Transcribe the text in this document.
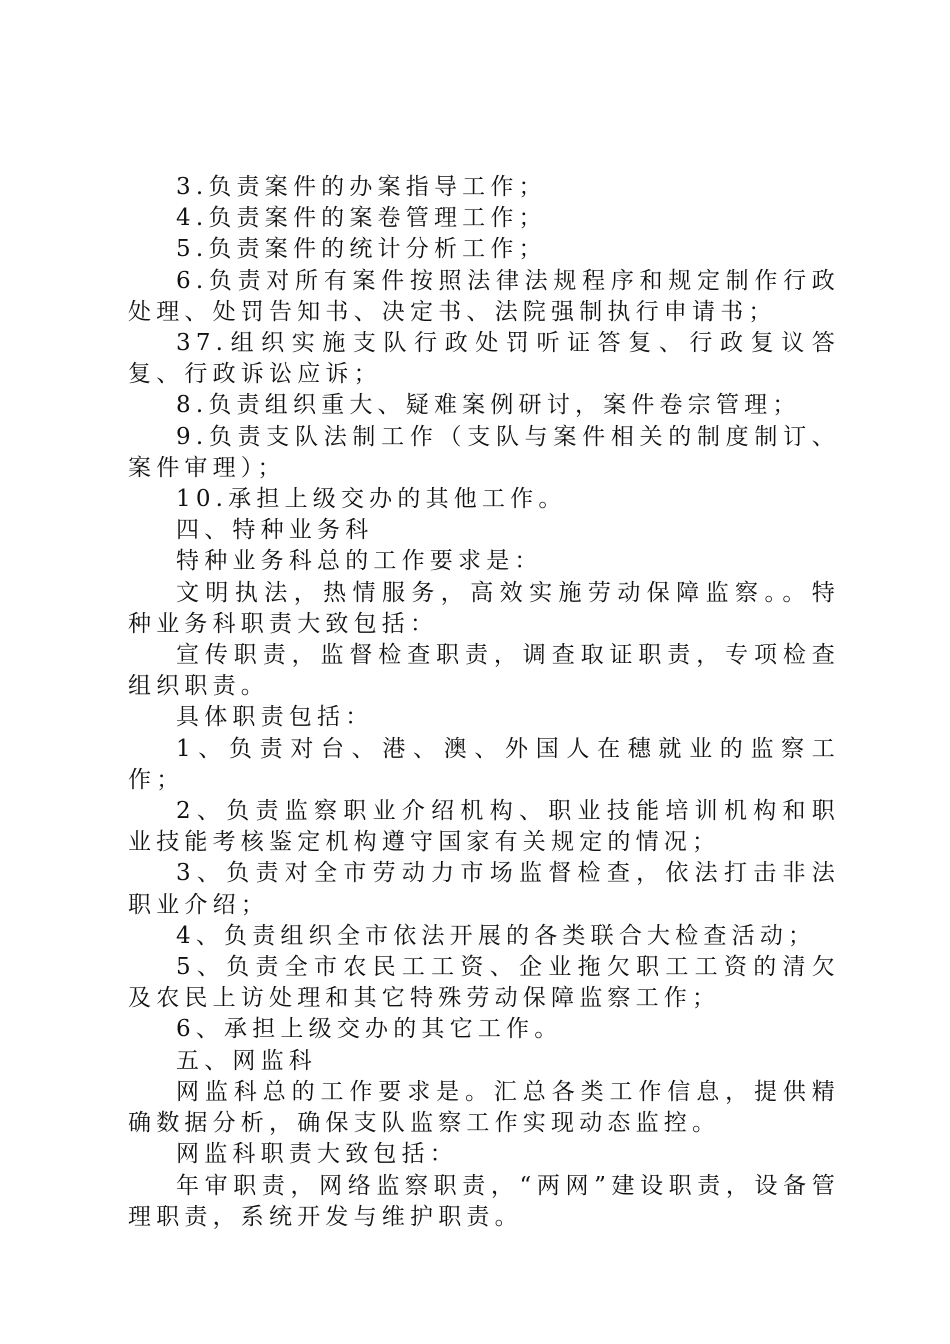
3.负责案件的办案指导工作；

4.负责案件的案卷管理工作；

5.负责案件的统计分析工作；

6.负责对所有案件按照法律法规程序和规定制作行政处理、处罚告知书、决定书、法院强制执行申请书；

37.组织实施支队行政处罚听证答复、行政复议答复、行政诉讼应诉；

8.负责组织重大、疑难案例研讨，案件卷宗管理；

9.负责支队法制工作（支队与案件相关的制度制订、案件审理）；

10.承担上级交办的其他工作。

四、特种业务科

特种业务科总的工作要求是：

文明执法，热情服务，高效实施劳动保障监察。。特种业务科职责大致包括：

宣传职责，监督检查职责，调查取证职责，专项检查组织职责。

具体职责包括：

1、负责对台、港、澳、外国人在穗就业的监察工作；

2、负责监察职业介绍机构、职业技能培训机构和职业技能考核鉴定机构遵守国家有关规定的情况；

3、负责对全市劳动力市场监督检查，依法打击非法职业介绍；

4、负责组织全市依法开展的各类联合大检查活动；

5、负责全市农民工工资、企业拖欠职工工资的清欠及农民上访处理和其它特殊劳动保障监察工作；

6、承担上级交办的其它工作。

五、网监科

网监科总的工作要求是。汇总各类工作信息，提供精确数据分析，确保支队监察工作实现动态监控。

网监科职责大致包括：

年审职责，网络监察职责，“两网”建设职责，设备管理职责，系统开发与维护职责。
